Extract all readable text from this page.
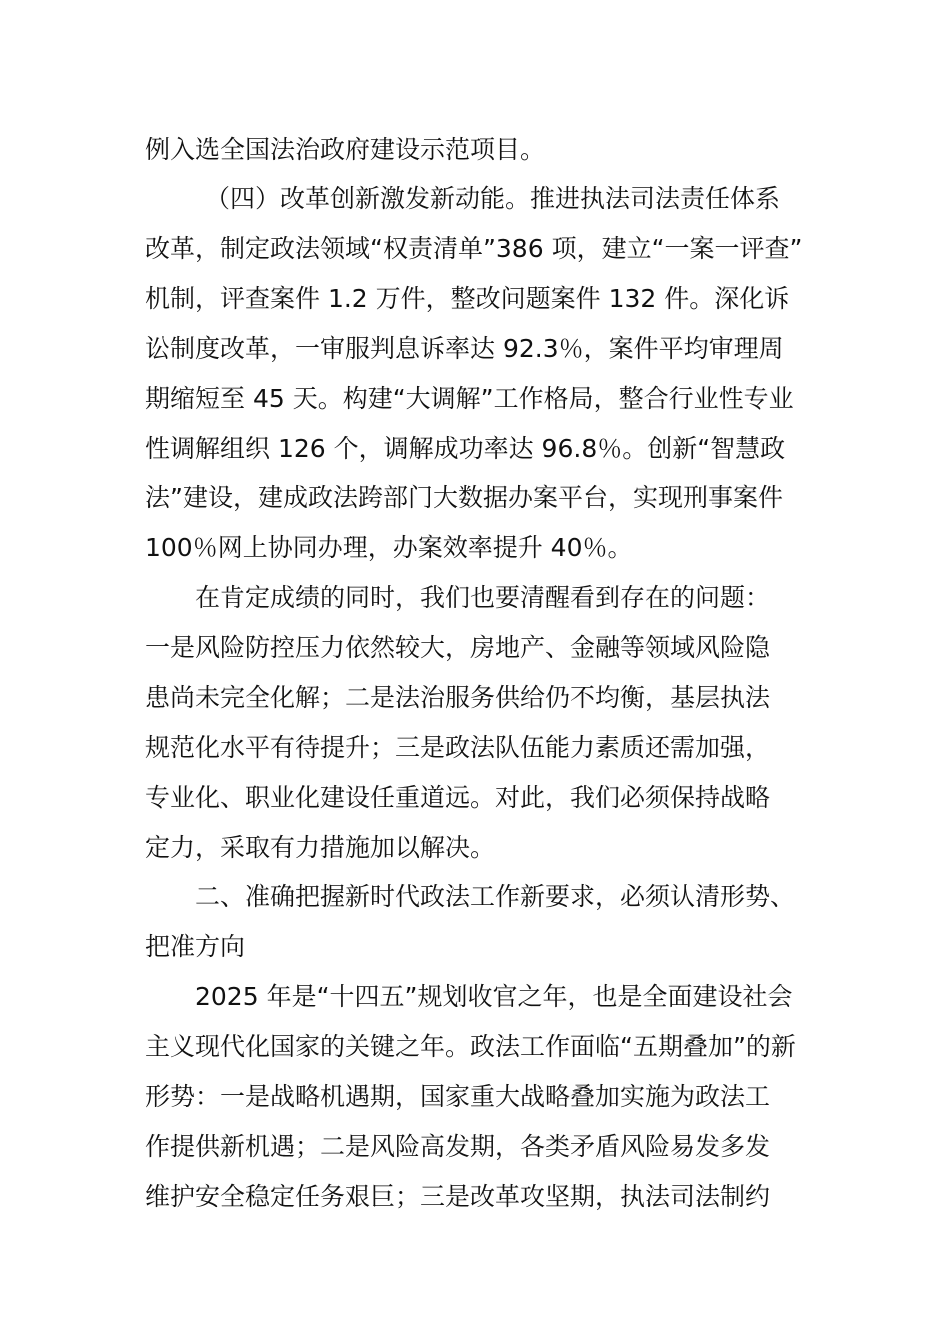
例入选全国法治政府建设示范项目。
（四）改革创新激发新动能。推进执法司法责任体系
改革，制定政法领域“权责清单”386 项，建立“一案一评查”
机制，评查案件 1.2 万件，整改问题案件 132 件。深化诉
讼制度改革，一审服判息诉率达 92.3％，案件平均审理周
期缩短至 45 天。构建“大调解”工作格局，整合行业性专业
性调解组织 126 个，调解成功率达 96.8％。创新“智慧政
法”建设，建成政法跨部门大数据办案平台，实现刑事案件
100％网上协同办理，办案效率提升 40％。
在肯定成绩的同时，我们也要清醒看到存在的问题：
一是风险防控压力依然较大，房地产、金融等领域风险隐
患尚未完全化解；二是法治服务供给仍不均衡，基层执法
规范化水平有待提升；三是政法队伍能力素质还需加强，
专业化、职业化建设任重道远。对此，我们必须保持战略
定力，采取有力措施加以解决。
二、准确把握新时代政法工作新要求，必须认清形势、
把准方向
2025 年是“十四五”规划收官之年，也是全面建设社会
主义现代化国家的关键之年。政法工作面临“五期叠加”的新
形势：一是战略机遇期，国家重大战略叠加实施为政法工
作提供新机遇；二是风险高发期，各类矛盾风险易发多发
维护安全稳定任务艰巨；三是改革攻坚期，执法司法制约
